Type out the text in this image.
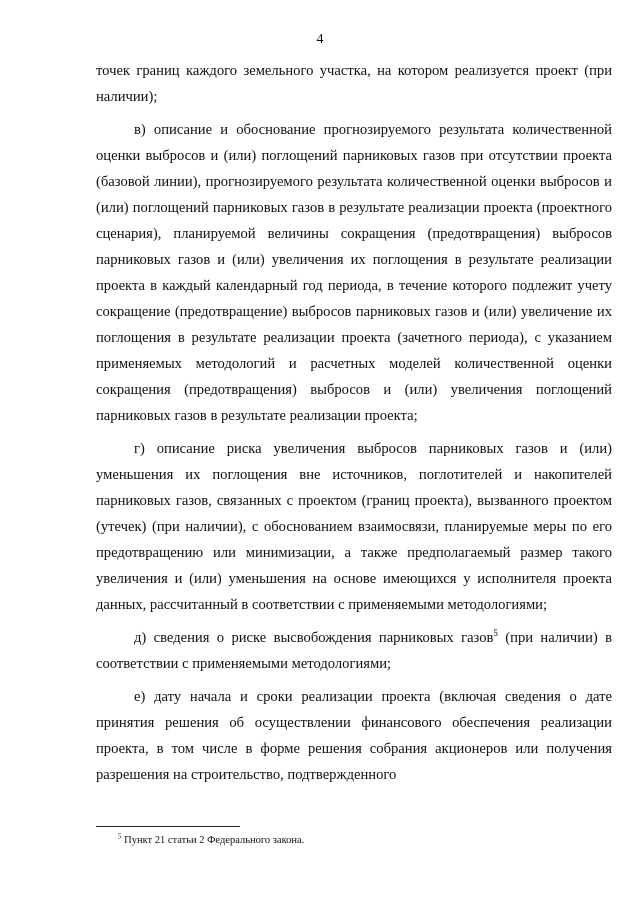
4

точек границ каждого земельного участка, на котором реализуется проект (при наличии);

в) описание и обоснование прогнозируемого результата количественной оценки выбросов и (или) поглощений парниковых газов при отсутствии проекта (базовой линии), прогнозируемого результата количественной оценки выбросов и (или) поглощений парниковых газов в результате реализации проекта (проектного сценария), планируемой величины сокращения (предотвращения) выбросов парниковых газов и (или) увеличения их поглощения в результате реализации проекта в каждый календарный год периода, в течение которого подлежит учету сокращение (предотвращение) выбросов парниковых газов и (или) увеличение их поглощения в результате реализации проекта (зачетного периода), с указанием применяемых методологий и расчетных моделей количественной оценки сокращения (предотвращения) выбросов и (или) увеличения поглощений парниковых газов в результате реализации проекта;

г) описание риска увеличения выбросов парниковых газов и (или) уменьшения их поглощения вне источников, поглотителей и накопителей парниковых газов, связанных с проектом (границ проекта), вызванного проектом (утечек) (при наличии), с обоснованием взаимосвязи, планируемые меры по его предотвращению или минимизации, а также предполагаемый размер такого увеличения и (или) уменьшения на основе имеющихся у исполнителя проекта данных, рассчитанный в соответствии с применяемыми методологиями;

д) сведения о риске высвобождения парниковых газов$^5$ (при наличии) в соответствии с применяемыми методологиями;

е) дату начала и сроки реализации проекта (включая сведения о дате принятия решения об осуществлении финансового обеспечения реализации проекта, в том числе в форме решения собрания акционеров или получения разрешения на строительство, подтвержденного

$^5$ Пункт 21 статьи 2 Федерального закона.
